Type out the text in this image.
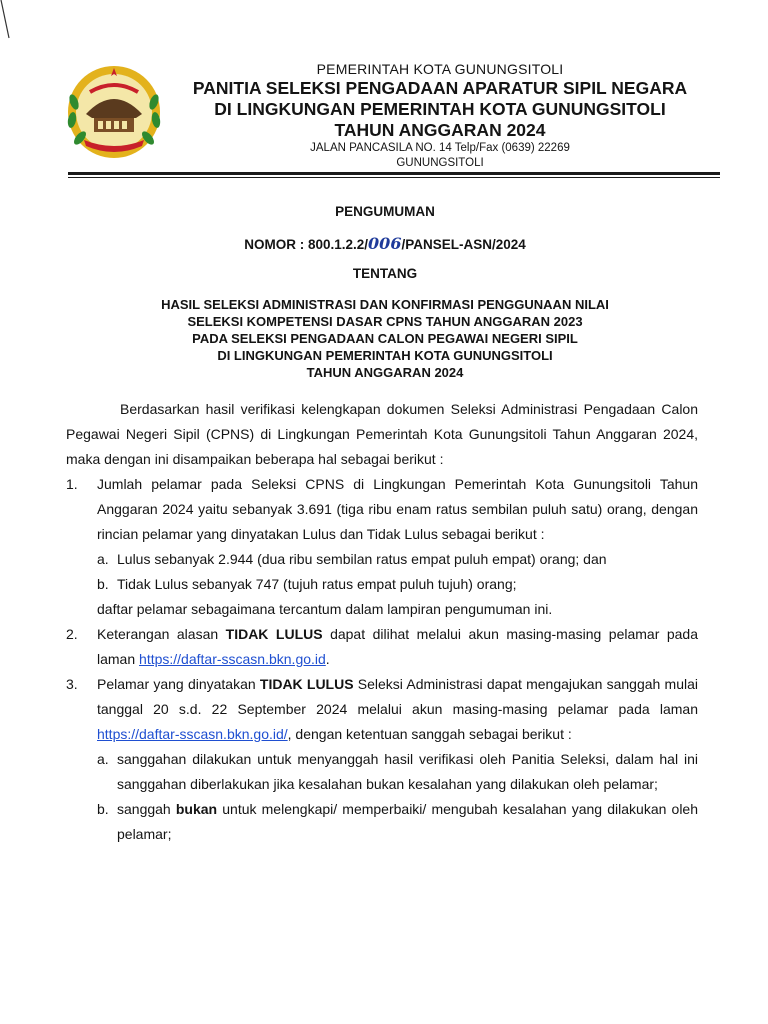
PEMERINTAH KOTA GUNUNGSITOLI
PANITIA SELEKSI PENGADAAN APARATUR SIPIL NEGARA
DI LINGKUNGAN PEMERINTAH KOTA GUNUNGSITOLI
TAHUN ANGGARAN 2024
JALAN PANCASILA NO. 14 Telp/Fax (0639) 22269
GUNUNGSITOLI
PENGUMUMAN
NOMOR : 800.1.2.2/006/PANSEL-ASN/2024
TENTANG
HASIL SELEKSI ADMINISTRASI DAN KONFIRMASI PENGGUNAAN NILAI
SELEKSI KOMPETENSI DASAR CPNS TAHUN ANGGARAN 2023
PADA SELEKSI PENGADAAN CALON PEGAWAI NEGERI SIPIL
DI LINGKUNGAN PEMERINTAH KOTA GUNUNGSITOLI
TAHUN ANGGARAN 2024

Berdasarkan hasil verifikasi kelengkapan dokumen Seleksi Administrasi Pengadaan Calon Pegawai Negeri Sipil (CPNS) di Lingkungan Pemerintah Kota Gunungsitoli Tahun Anggaran 2024, maka dengan ini disampaikan beberapa hal sebagai berikut :

1. Jumlah pelamar pada Seleksi CPNS di Lingkungan Pemerintah Kota Gunungsitoli Tahun Anggaran 2024 yaitu sebanyak 3.691 (tiga ribu enam ratus sembilan puluh satu) orang, dengan rincian pelamar yang dinyatakan Lulus dan Tidak Lulus sebagai berikut :

a. Lulus sebanyak 2.944 (dua ribu sembilan ratus empat puluh empat) orang; dan
b. Tidak Lulus sebanyak 747 (tujuh ratus empat puluh tujuh) orang;

daftar pelamar sebagaimana tercantum dalam lampiran pengumuman ini.

2. Keterangan alasan TIDAK LULUS dapat dilihat melalui akun masing-masing pelamar pada laman https://daftar-sscasn.bkn.go.id.

3. Pelamar yang dinyatakan TIDAK LULUS Seleksi Administrasi dapat mengajukan sanggah mulai tanggal 20 s.d. 22 September 2024 melalui akun masing-masing pelamar pada laman https://daftar-sscasn.bkn.go.id/, dengan ketentuan sanggah sebagai berikut :

a. sanggahan dilakukan untuk menyanggah hasil verifikasi oleh Panitia Seleksi, dalam hal ini sanggahan diberlakukan jika kesalahan bukan kesalahan yang dilakukan oleh pelamar;
b. sanggah bukan untuk melengkapi/ memperbaiki/ mengubah kesalahan yang dilakukan oleh pelamar;
